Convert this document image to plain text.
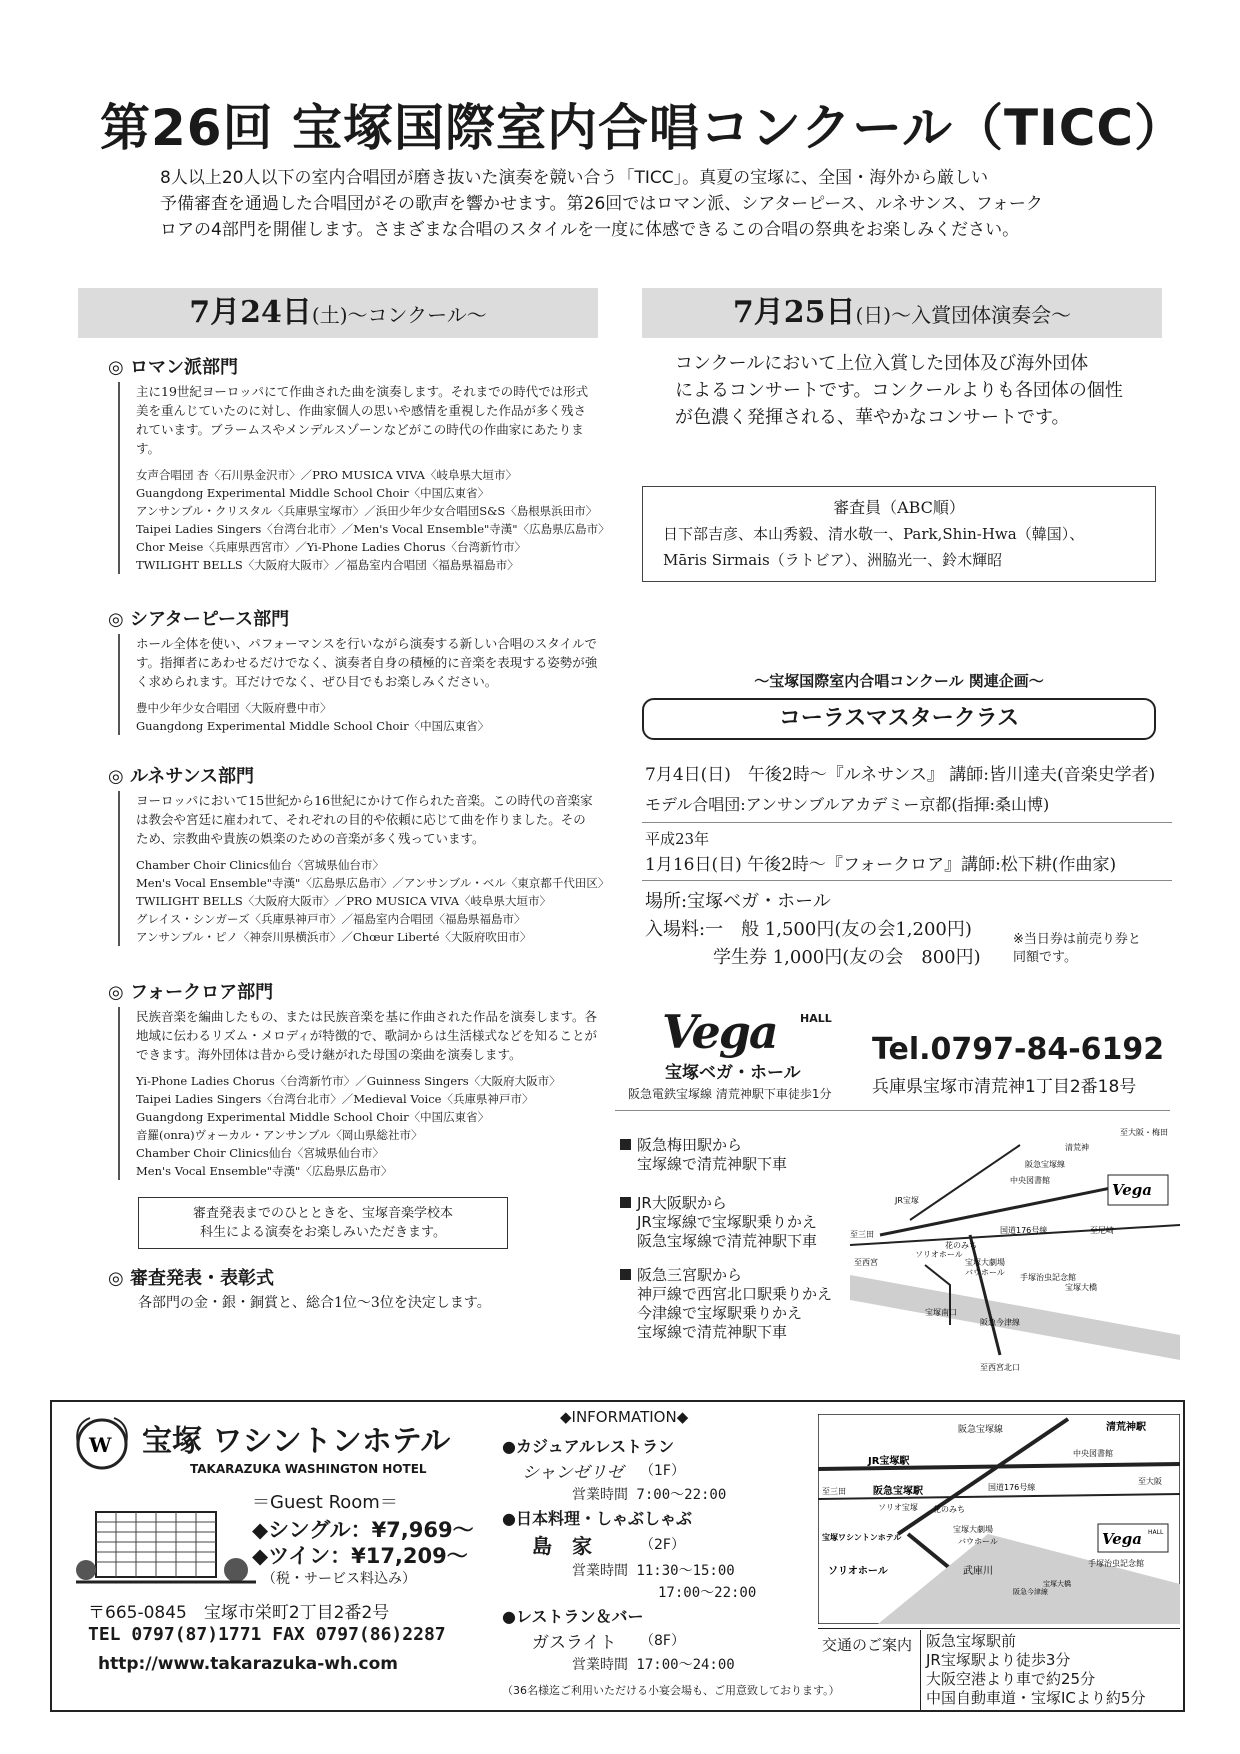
第26回 宝塚国際室内合唱コンクール（TICC）
8人以上20人以下の室内合唱団が磨き抜いた演奏を競い合う「TICC」。真夏の宝塚に、全国・海外から厳しい
予備審査を通過した合唱団がその歌声を響かせます。第26回ではロマン派、シアターピース、ルネサンス、フォーク
ロアの4部門を開催します。さまざまな合唱のスタイルを一度に体感できるこの合唱の祭典をお楽しみください。
7月24日(土)～コンクール～	7月25日(日)～入賞団体演奏会～
◎ ロマン派部門
主に19世紀ヨーロッパにて作曲された曲を演奏します。それまでの時代では形式美を重んじていたのに対し、作曲家個人の思いや感情を重視した作品が多く残されています。ブラームスやメンデルスゾーンなどがこの時代の作曲家にあたります。
女声合唱団 杏〈石川県金沢市〉／PRO MUSICA VIVA〈岐阜県大垣市〉
Guangdong Experimental Middle School Choir〈中国広東省〉
アンサンブル・クリスタル〈兵庫県宝塚市〉／浜田少年少女合唱団S&S〈島根県浜田市〉
Taipei Ladies Singers〈台湾台北市〉／Men's Vocal Ensemble"寺漢"〈広島県広島市〉
Chor Meise〈兵庫県西宮市〉／Yi-Phone Ladies Chorus〈台湾新竹市〉
TWILIGHT BELLS〈大阪府大阪市〉／福島室内合唱団〈福島県福島市〉
◎ シアターピース部門
ホール全体を使い、パフォーマンスを行いながら演奏する新しい合唱のスタイルです。指揮者にあわせるだけでなく、演奏者自身の積極的に音楽を表現する姿勢が強く求められます。耳だけでなく、ぜひ目でもお楽しみください。
豊中少年少女合唱団〈大阪府豊中市〉
Guangdong Experimental Middle School Choir〈中国広東省〉
◎ ルネサンス部門
ヨーロッパにおいて15世紀から16世紀にかけて作られた音楽。この時代の音楽家は教会や宮廷に雇われて、それぞれの目的や依頼に応じて曲を作りました。そのため、宗教曲や貴族の娯楽のための音楽が多く残っています。
Chamber Choir Clinics仙台〈宮城県仙台市〉
Men's Vocal Ensemble"寺漢"〈広島県広島市〉／アンサンブル・ベル〈東京都千代田区〉
TWILIGHT BELLS〈大阪府大阪市〉／PRO MUSICA VIVA〈岐阜県大垣市〉
グレイス・シンガーズ〈兵庫県神戸市〉／福島室内合唱団〈福島県福島市〉
アンサンブル・ピノ〈神奈川県横浜市〉／Chœur Liberté〈大阪府吹田市〉
◎ フォークロア部門
民族音楽を編曲したもの、または民族音楽を基に作曲された作品を演奏します。各地域に伝わるリズム・メロディが特徴的で、歌詞からは生活様式などを知ることができます。海外団体は昔から受け継がれた母国の楽曲を演奏します。
Yi-Phone Ladies Chorus〈台湾新竹市〉／Guinness Singers〈大阪府大阪市〉
Taipei Ladies Singers〈台湾台北市〉／Medieval Voice〈兵庫県神戸市〉
Guangdong Experimental Middle School Choir〈中国広東省〉
音羅(onra)ヴォーカル・アンサンブル〈岡山県総社市〉
Chamber Choir Clinics仙台〈宮城県仙台市〉
Men's Vocal Ensemble"寺漢"〈広島県広島市〉
審査発表までのひとときを、宝塚音楽学校本
科生による演奏をお楽しみいただきます。
◎ 審査発表・表彰式
各部門の金・銀・銅賞と、総合1位～3位を決定します。
コンクールにおいて上位入賞した団体及び海外団体
によるコンサートです。コンクールよりも各団体の個性
が色濃く発揮される、華やかなコンサートです。
審査員（ABC順）
日下部吉彦、本山秀毅、清水敬一、Park,Shin-Hwa（韓国）、
Māris Sirmais（ラトビア）、洲脇光一、鈴木輝昭
～宝塚国際室内合唱コンクール 関連企画～
コーラスマスタークラス
7月4日(日)　午後2時～『ルネサンス』 講師:皆川達夫(音楽史学者)
モデル合唱団:アンサンブルアカデミー京都(指揮:桑山博)
平成23年
1月16日(日) 午後2時～『フォークロア』講師:松下耕(作曲家)
場所:宝塚ベガ・ホール
入場料:一　般 1,500円(友の会1,200円)
学生券 1,000円(友の会　800円)
※当日券は前売り券と
同額です。
Vega HALL
宝塚ベガ・ホール
阪急電鉄宝塚線 清荒神駅下車徒歩1分
Tel.0797-84-6192
兵庫県宝塚市清荒神1丁目2番18号
阪急梅田駅から
宝塚線で清荒神駅下車
JR大阪駅から
JR宝塚線で宝塚駅乗りかえ
阪急宝塚線で清荒神駅下車
阪急三宮駅から
神戸線で西宮北口駅乗りかえ
今津線で宝塚駅乗りかえ
宝塚線で清荒神駅下車
Vega
至大阪・梅田
清荒神
阪急宝塚線
JR宝塚
中央図書館
国道176号線
至三田
至西宮
至尼崎
ソリオホール
花のみち
宝塚大劇場
バウホール
手塚治虫記念館
宝塚大橋
阪急今津線
宝塚南口
至西宮北口
W 宝塚 ワシントンホテル
TAKARAZUKA WASHINGTON HOTEL
＝Guest Room＝
◆シングル：¥7,969～
◆ツイン：¥17,209～
（税・サービス料込み）
〒665-0845　宝塚市栄町2丁目2番2号
TEL 0797(87)1771 FAX 0797(86)2287
http://www.takarazuka-wh.com
◆INFORMATION◆
●カジュアルレストラン
シャンゼリゼ （1F）
営業時間 7:00～22:00
●日本料理・しゃぶしゃぶ
島　家	（2F）
営業時間 11:30～15:00
17:00～22:00
●レストラン＆バー
ガスライト （8F）
営業時間 17:00～24:00
（36名様迄ご利用いただける小宴会場も、ご用意致しております。）
Vega HALL
阪急宝塚線	清荒神駅
JR宝塚駅
中央図書館
国道176号線
至大阪
至三田	阪急宝塚駅
ソリオ宝塚 花のみち
宝塚ワシントンホテル
宝塚大劇場
バウホール
ソリオホール	武庫川
阪急今津線
宝塚大橋
手塚治虫記念館
交通のご案内 阪急宝塚駅前
JR宝塚駅より徒歩3分
大阪空港より車で約25分
中国自動車道・宝塚ICより約5分
